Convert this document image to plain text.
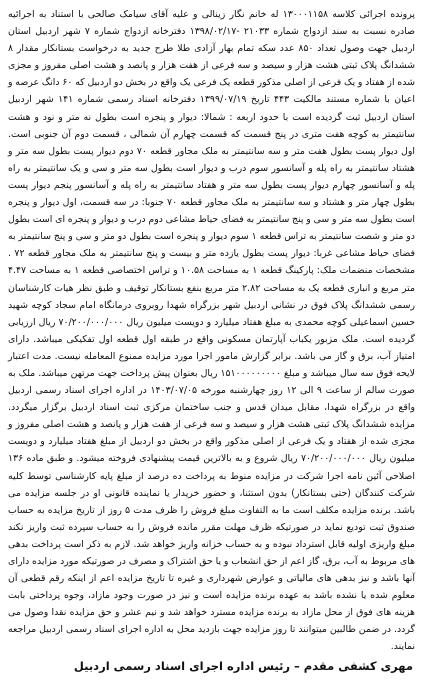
پرونده اجرائی کلاسه ۱۳۰۰۰۱۱۵۸ له خانم نگار زینالی و علیه آقای سیامک صالحی با استناد به اجرائیه صادره نسبت به سند ازدواج شماره ۲۱۰۳۳ -۱۳۹۸/۰۲/۱۷ دفترخانه ازدواج شماره ۷ شهر اردبیل استان اردبیل جهت وصول تعداد ۸۵۰ عدد سکه تمام بهار آزادی طلا طرح جدید به درخواست بستانکار مقدار ۸ ششدانگ پلاک ثبتی هشت هزار و سیصد و سه فرعی از هفت هزار و پانصد و هشت اصلی مفروز و مجزی شده از هفتاد و یک فرعی از اصلی مذکور قطعه یک فرعی یک واقع در بخش دو اردبیل که ۶۰ دانگ عرصه و اعیان با شماره مستند مالکیت ۴۴۳ تاریخ ۱۳۹۹/۰۷/۱۹ دفترخانه اسناد رسمی شماره ۱۴۱ شهر اردبیل استان اردبیل ثبت گردیده است با حدود اربعه : شمالا: دیوار و پنجره است بطول نه متر و نود و هشت سانتیمتر به کوچه هفت متری در پنج قسمت که قسمت چهارم آن شمالی ، قسمت دوم آن جنوبی است. اول دیوار پست بطول هفت متر و سه سانتیمتر به ملک مجاور قطعه ۷۰ دوم دیوار پست بطول سه متر و هشتاد سانتیمتر به راه پله و آسانسور سوم درب و دیوار است بطول سه متر و سی و یک سانتیمتر به راه پله و آسانسور چهارم دیوار پست بطول سه متر و هفتاد سانتیمتر به راه پله و آسانسور پنجم دیوار پست بطول چهار متر و هشتاد و سه سانتیمتر به ملک مجاور قطعه ۷۰ جنوبا: در سه قسمت، اول دیوار و پنجره است بطول سه متر و سی و پنج سانتیمتر به فضای حیاط مشاعی دوم درب و دیوار و پنجره ای است بطول دو متر و شصت سانتیمتر به تراس قطعه ۱ سوم دیوار و پنجره است بطول دو متر و سی و پنج سانتیمتر به فضای حیاط مشاعی غربا: دیوار پست بطول یازده متر و بیست و پنج سانتیمتر به ملک مجاور قطعه ۷۲ . مشخصات منضمات ملک: پارکینگ قطعه ۱ به مساحت ۱۰.۵۸ و تراس اختصاصی قطعه ۱ به مساحت ۴.۴۷ متر مربع و انباری قطعه یک به مساحت ۲.۸۲ متر مربع بنفع بستانکار توقیف و طبق نظر هیات کارشناسان رسمی ششدانگ پلاک فوق در نشانی اردبیل شهر بزرگراه شهدا روبروی درمانگاه امام سجاد کوچه شهید حسین اسماعیلی کوچه محمدی به مبلغ هفتاد میلیارد و دویست میلیون ریال ۷۰/۲۰۰/۰۰۰/۰۰۰ ریال ارزیابی گردیده است. ملک مزبور یکباب آپارتمان مسکونی واقع در طبقه اول قطعه اول تفکیکی میباشد. دارای امتیاز آب، برق و گاز می باشد. برابر گزارش مامور اجرا مورد مزایده ممنوع المعامله نیست. مدت اعتبار لایحه فوق سه سال میباشد و مبلغ ۱۵۱۰۰۰۰۰۰۰۰۰ ریال بعنوان پیش پرداخت جهت مرتهن میباشد. ملک به صورت سالم از ساعت ۹ الی ۱۲ روز چهارشنبه مورخه ۱۴۰۳/۰۷/۰۵ در اداره اجرای اسناد رسمی اردبیل واقع در بزرگراه شهدا، مقابل میدان قدس و جنب ساختمان مرکزی ثبت اسناد اردبیل برگزار میگردد. مزایده ششدانگ پلاک ثبتی هشت هزار و سیصد و سه فرعی از هفت هزار و پانصد و هشت اصلی مفروز و مجزی شده از هفتاد و یک فرعی از اصلی مذکور واقع در بخش دو اردبیل از مبلغ هفتاد میلیارد و دویست میلیون ریال ۷۰/۲۰۰/۰۰۰/۰۰۰ ریال شروع و به بالاترین قیمت پیشنهادی فروخته میشود. و طبق ماده ۱۳۶ اصلاحی آئین نامه اجرا شرکت در مزایده منوط به پرداخت ده درصد از مبلغ پایه کارشناسی توسط کلیه شرکت کنندگان (حتی بستانکار) بدون استثنا، و حضور خریدار یا نماینده قانونی او در جلسه مزایده می باشد. برنده مزایده مکلف است ما به التفاوت مبلغ فروش را ظرف مدت ۵ روز از تاریخ مزایده به حساب صندوق ثبت تودیع نماید در صورتیکه ظرف مهلت مقرر مانده فروش را به حساب سپرده ثبت واریز نکند مبلغ واریزی اولیه قابل استرداد نبوده و به حساب خزانه واریز خواهد شد. لازم به ذکر است پرداخت بدهی های مربوط به آب، برق، گاز اعم از حق انشعاب و یا حق اشتراک و مصرف در صورتیکه مورد مزایده دارای آنها باشد و نیز بدهی های مالیاتی و عوارض شهرداری و غیره تا تاریخ مزایده اعم از اینکه رقم قطعی آن معلوم شده یا نشده باشد به عهده برنده مزایده است و نیز در صورت وجود مازاد، وجوه پرداختی بابت هزینه های فوق از محل مازاد به برنده مزایده مسترد خواهد شد و نیم عشر و حق مزایده نقدا وصول می گردد. در ضمن طالبین میتوانند تا روز مزایده جهت بازدید محل به اداره اجرای اسناد رسمی اردبیل مراجعه نمایند.

مهری کشفی مقدم – رئیس اداره اجرای اسناد رسمی اردبیل
